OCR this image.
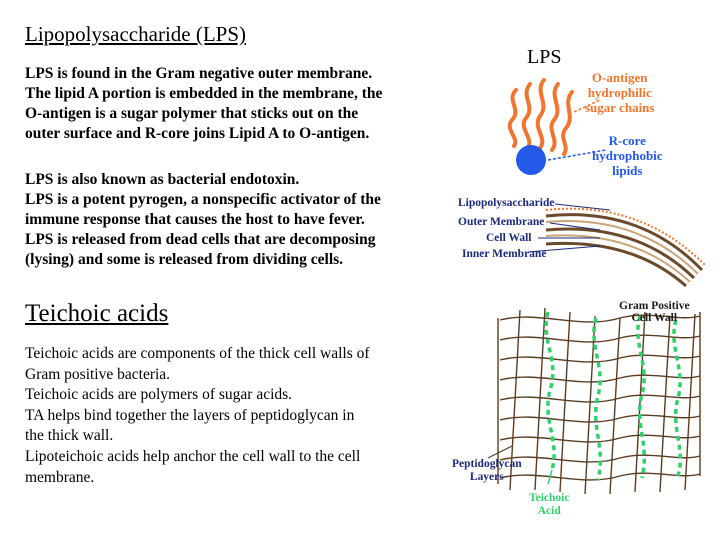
Lipopolysaccharide (LPS)
LPS is found in the Gram negative outer membrane.
The lipid A portion is embedded in the membrane, the
O-antigen is a sugar polymer that sticks out on the
outer surface and R-core joins Lipid A to O-antigen.
LPS is also known as bacterial endotoxin.
LPS is a potent pyrogen, a nonspecific activator of the
immune response that causes the host to have fever.
LPS is released from dead cells that are decomposing
(lysing) and some is released from dividing cells.
Teichoic acids
Teichoic acids are components of the thick cell walls of
Gram positive bacteria.
Teichoic acids are polymers of sugar acids.
TA helps bind together the layers of peptidoglycan in
the thick wall.
Lipoteichoic acids help anchor the cell wall to the cell
membrane.
LPS
O-antigen
hydrophilic
sugar chains
R-core
hydrophobic
lipids
Lipopolysaccharide
Outer Membrane
Cell Wall
Inner Membrane
Gram Positive
Cell Wall
Peptidoglycan
Layers
Teichoic
Acid
